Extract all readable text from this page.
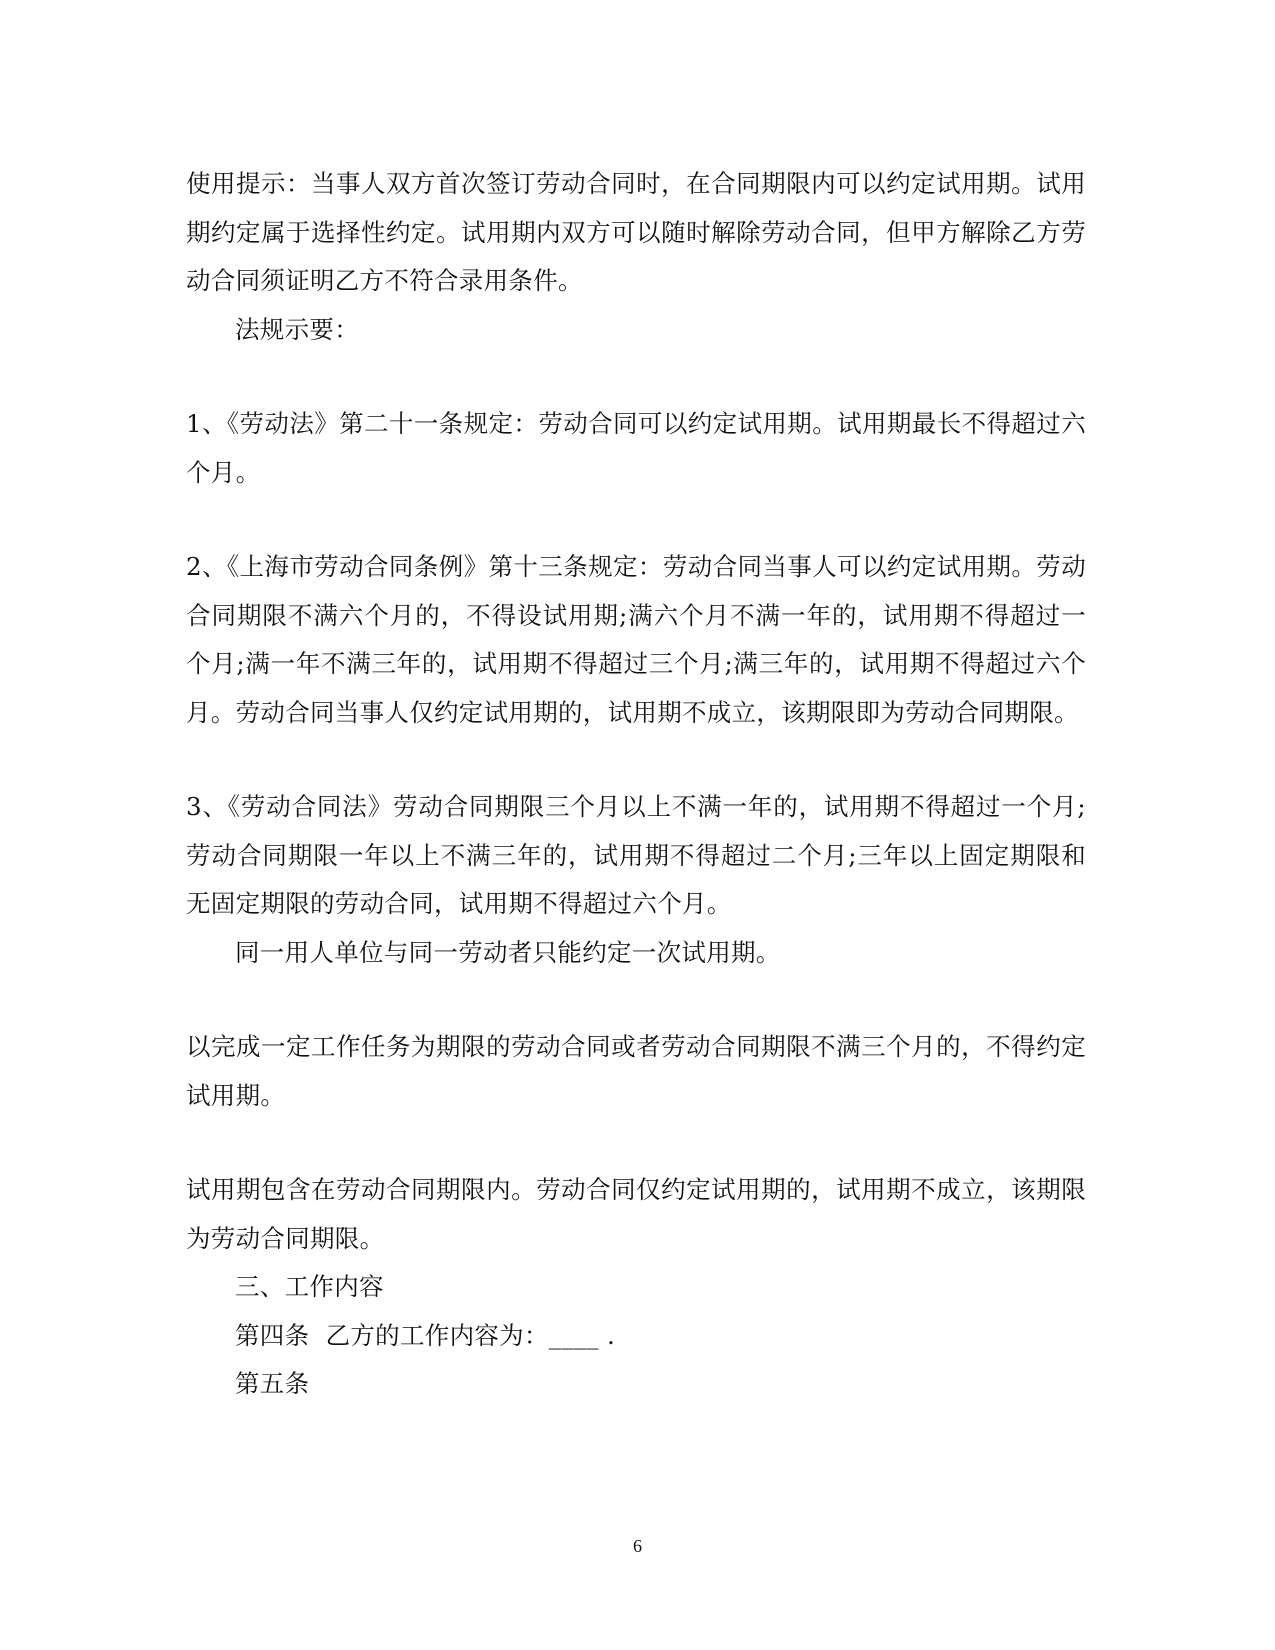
使用提示：当事人双方首次签订劳动合同时，在合同期限内可以约定试用期。试用期约定属于选择性约定。试用期内双方可以随时解除劳动合同，但甲方解除乙方劳动合同须证明乙方不符合录用条件。

法规示要：

1、《劳动法》第二十一条规定：劳动合同可以约定试用期。试用期最长不得超过六个月。

2、《上海市劳动合同条例》第十三条规定：劳动合同当事人可以约定试用期。劳动合同期限不满六个月的，不得设试用期;满六个月不满一年的，试用期不得超过一个月;满一年不满三年的，试用期不得超过三个月;满三年的，试用期不得超过六个月。劳动合同当事人仅约定试用期的，试用期不成立，该期限即为劳动合同期限。

3、《劳动合同法》劳动合同期限三个月以上不满一年的，试用期不得超过一个月;劳动合同期限一年以上不满三年的，试用期不得超过二个月;三年以上固定期限和无固定期限的劳动合同，试用期不得超过六个月。

同一用人单位与同一劳动者只能约定一次试用期。

以完成一定工作任务为期限的劳动合同或者劳动合同期限不满三个月的，不得约定试用期。

试用期包含在劳动合同期限内。劳动合同仅约定试用期的，试用期不成立，该期限为劳动合同期限。

三、工作内容

第四条  乙方的工作内容为：____ .

第五条

6
